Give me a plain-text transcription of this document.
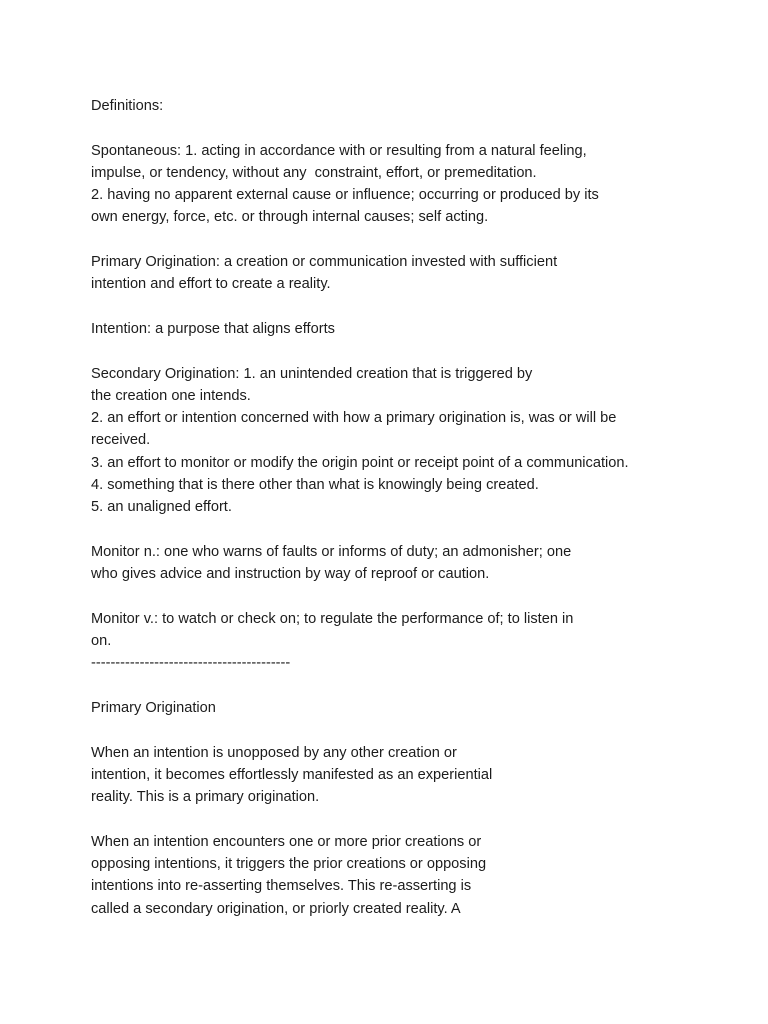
Definitions:
Spontaneous: 1. acting in accordance with or resulting from a natural feeling,
impulse, or tendency, without any  constraint, effort, or premeditation.
2. having no apparent external cause or influence; occurring or produced by its
own energy, force, etc. or through internal causes; self acting.
Primary Origination: a creation or communication invested with sufficient
intention and effort to create a reality.
Intention: a purpose that aligns efforts
Secondary Origination: 1. an unintended creation that is triggered by
the creation one intends.
2. an effort or intention concerned with how a primary origination is, was or will be
received.
3. an effort to monitor or modify the origin point or receipt point of a communication.
4. something that is there other than what is knowingly being created.
5. an unaligned effort.
Monitor n.: one who warns of faults or informs of duty; an admonisher; one
who gives advice and instruction by way of reproof or caution.
Monitor v.: to watch or check on; to regulate the performance of; to listen in
on.
-----------------------------------------
Primary Origination
When an intention is unopposed by any other creation or
intention, it becomes effortlessly manifested as an experiential
reality. This is a primary origination.
When an intention encounters one or more prior creations or
opposing intentions, it triggers the prior creations or opposing
intentions into re-asserting themselves. This re-asserting is
called a secondary origination, or priorly created reality. A
